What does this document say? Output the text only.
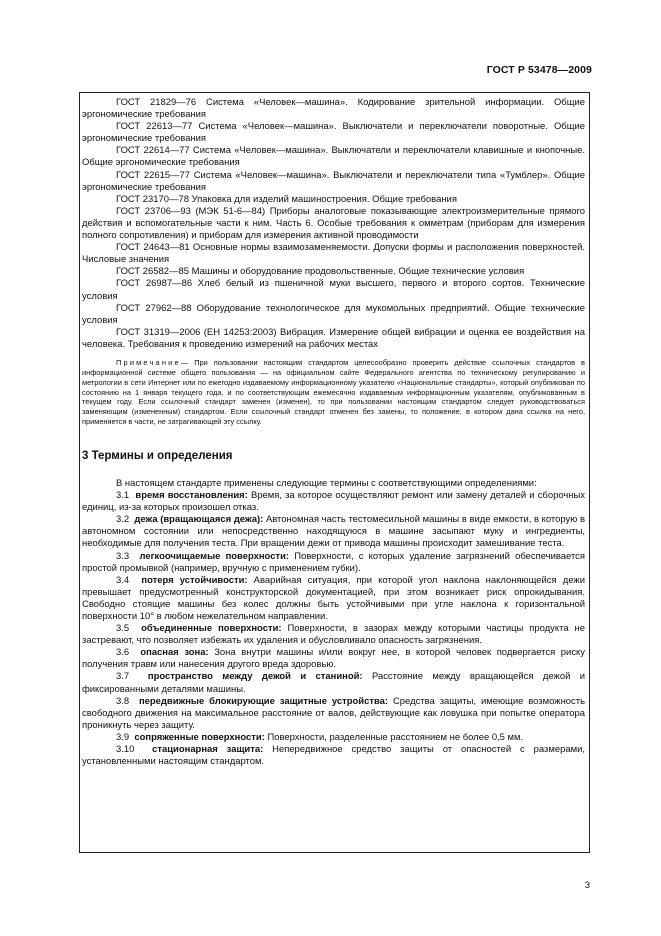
ГОСТ Р 53478—2009

ГОСТ 21829—76 Система «Человек—машина». Кодирование зрительной информации. Общие эргономические требования

ГОСТ 22613—77 Система «Человек—машина». Выключатели и переключатели поворотные. Общие эргономические требования

ГОСТ 22614—77 Система «Человек—машина». Выключатели и переключатели клавишные и кнопочные. Общие эргономические требования

ГОСТ 22615—77 Система «Человек—машина». Выключатели и переключатели типа «Тумблер». Общие эргономические требования

ГОСТ 23170—78 Упаковка для изделий машиностроения. Общие требования

ГОСТ 23706—93 (МЭК 51-6—84) Приборы аналоговые показывающие электроизмерительные прямого действия и вспомогательные части к ним. Часть 6. Особые требования к омметрам (приборам для измерения полного сопротивления) и приборам для измерения активной проводимости

ГОСТ 24643—81 Основные нормы взаимозаменяемости. Допуски формы и расположения поверхностей. Числовые значения

ГОСТ 26582—85 Машины и оборудование продовольственные. Общие технические условия

ГОСТ 26987—86 Хлеб белый из пшеничной муки высшего, первого и второго сортов. Технические условия

ГОСТ 27962—88 Оборудование технологическое для мукомольных предприятий. Общие технические условия

ГОСТ 31319—2006 (ЕН 14253:2003) Вибрация. Измерение общей вибрации и оценка ее воздействия на человека. Требования к проведению измерений на рабочих местах

Примечание— При пользовании настоящим стандартом целесообразно проверить действие ссылочных стандартов в информационной системе общего пользования — на официальном сайте Федерального агентства по техническому регулированию и метрологии в сети Интернет или по ежегодно издаваемому информационному указателю «Национальные стандарты», который опубликован по состоянию на 1 января текущего года, и по соответствующим ежемесячно издаваемым информационным указателям, опубликованным в текущем году. Если ссылочный стандарт заменен (изменен), то при пользовании настоящим стандартом следует руководствоваться заменяющим (измененным) стандартом. Если ссылочный стандарт отменен без замены, то положение, в котором дана ссылка на него, применяется в части, не затрагивающей эту ссылку.
3 Термины и определения

В настоящем стандарте применены следующие термины с соответствующими определениями:

3.1 время восстановления: Время, за которое осуществляют ремонт или замену деталей и сборочных единиц, из-за которых произошел отказ.

3.2 дежа (вращающаяся дежа): Автономная часть тестомесильной машины в виде емкости, в которую в автономном состоянии или непосредственно находящуюся в машине засыпают муку и ингредиенты, необходимые для получения теста. При вращении дежи от привода машины происходит замешивание теста.

3.3 легкоочищаемые поверхности: Поверхности, с которых удаление загрязнений обеспечивается простой промывкой (например, вручную с применением губки).

3.4 потеря устойчивости: Аварийная ситуация, при которой угол наклона наклоняющейся дежи превышает предусмотренный конструкторской документацией, при этом возникает риск опрокидывания. Свободно стоящие машины без колес должны быть устойчивыми при угле наклона к горизонтальной поверхности 10° в любом нежелательном направлении.

3.5 объединенные поверхности: Поверхности, в зазорах между которыми частицы продукта не застревают, что позволяет избежать их удаления и обусловливало опасность загрязнения.

3.6 опасная зона: Зона внутри машины и/или вокруг нее, в которой человек подвергается риску получения травм или нанесения другого вреда здоровью.

3.7 пространство между дежой и станиной: Расстояние между вращающейся дежой и фиксированными деталями машины.

3.8 передвижные блокирующие защитные устройства: Средства защиты, имеющие возможность свободного движения на максимальное расстояние от валов, действующие как ловушка при попытке оператора проникнуть через защиту.

3.9 сопряженные поверхности: Поверхности, разделенные расстоянием не более 0,5 мм.

3.10 стационарная защита: Непередвижное средство защиты от опасностей с размерами, установленными настоящим стандартом.

3
